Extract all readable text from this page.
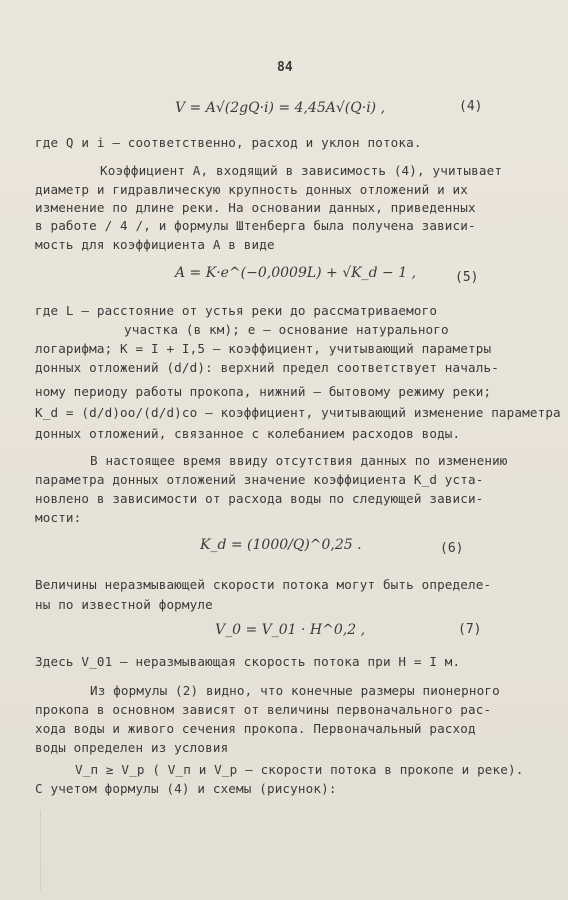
84
V = A√(2gQ·i) = 4,45A√(Q·i) ,	(4)
где Q и i – соответственно, расход и уклон потока.
Коэффициент А, входящий в зависимость (4), учитывает
диаметр и гидравлическую крупность донных отложений и их
изменение по длине реки. На основании данных, приведенных
в работе / 4 /, и формулы Штенберга была получена зависи-
мость для коэффициента А в виде
A = K·e^(−0,0009L) + √K_d − 1 ,	(5)
где L – расстояние от устья реки до рассматриваемого
участка (в км); e – основание натурального
логарифма; К = I + I,5 – коэффициент, учитывающий параметры
донных отложений (d/d): верхний предел соответствует началь-
ному периоду работы прокопа, нижний – бытовому режиму реки;
K_d = (d/d)оо/(d/d)со – коэффициент, учитывающий изменение параметра
донных отложений, связанное с колебанием расходов воды.
В настоящее время ввиду отсутствия данных по изменению
параметра донных отложений значение коэффициента K_d уста-
новлено в зависимости от расхода воды по следующей зависи-
мости:
K_d = (1000/Q)^0,25 .	(6)
Величины неразмывающей скорости потока могут быть определе-
ны по известной формуле
V_0 = V_01 · H^0,2 ,	(7)
Здесь V_01 – неразмывающая скорость потока при Н = I м.
Из формулы (2) видно, что конечные размеры пионерного
прокопа в основном зависят от величины первоначального рас-
хода воды и живого сечения прокопа. Первоначальный расход
воды определен из условия
V_п ≥ V_р ( V_п и V_р – скорости потока в прокопе и реке).
С учетом формулы (4) и схемы (рисунок):
